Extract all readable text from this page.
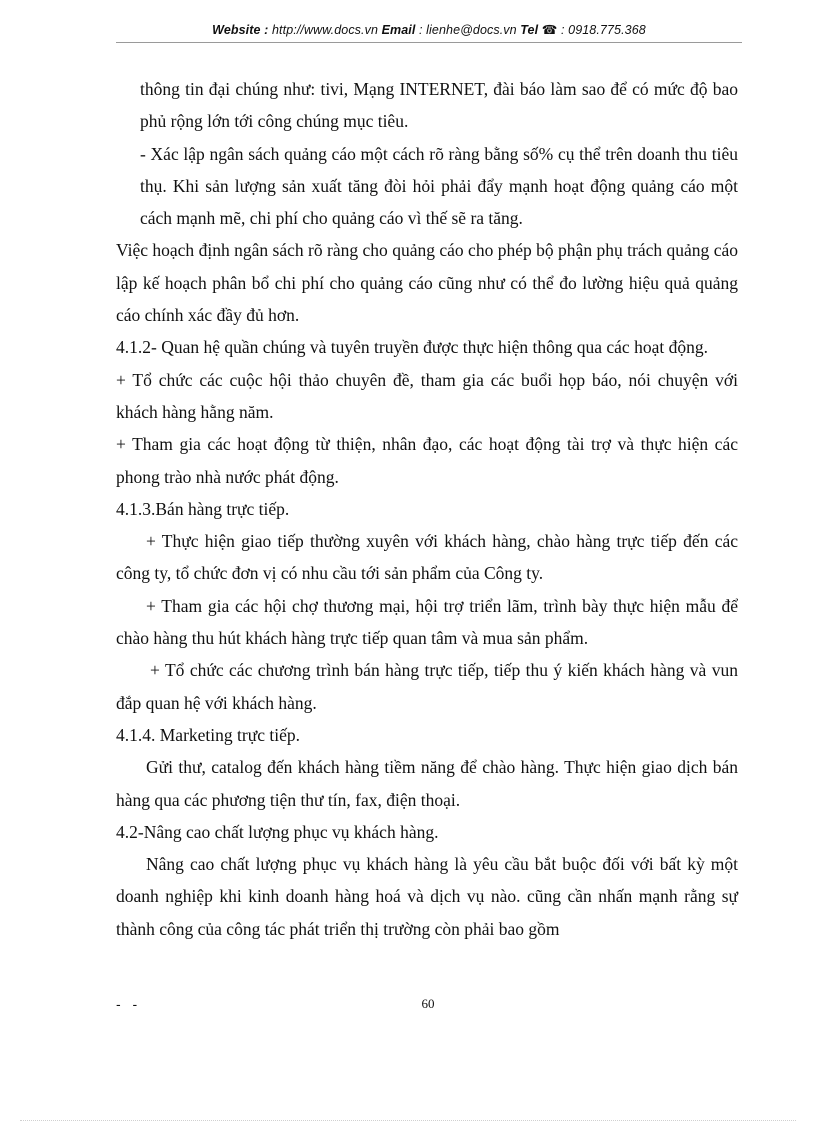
Website : http://www.docs.vn Email : lienhe@docs.vn Tel ☎ : 0918.775.368

thông tin đại chúng như: tivi, Mạng INTERNET, đài báo làm sao để có mức độ bao phủ rộng lớn tới công chúng mục tiêu.

- Xác lập ngân sách quảng cáo một cách rõ ràng bằng số% cụ thể trên doanh thu tiêu thụ. Khi sản lượng sản xuất tăng đòi hỏi phải đẩy mạnh hoạt động quảng cáo một cách mạnh mẽ, chi phí cho quảng cáo vì thế sẽ ra tăng.

Việc hoạch định ngân sách rõ ràng cho quảng cáo cho phép bộ phận phụ trách quảng cáo lập kế hoạch phân bổ chi phí cho quảng cáo cũng như có thể đo lường hiệu quả quảng cáo chính xác đầy đủ hơn.

4.1.2- Quan hệ quần chúng và tuyên truyền được thực hiện thông qua các hoạt động.

+ Tổ chức các cuộc hội thảo chuyên đề, tham gia các buổi họp báo, nói chuyện với khách hàng hằng năm.

+ Tham gia các hoạt động từ thiện, nhân đạo, các hoạt động tài trợ và thực hiện các phong trào nhà nước phát động.

4.1.3.Bán hàng trực tiếp.

+ Thực hiện giao tiếp thường xuyên với khách hàng, chào hàng trực tiếp đến các công ty, tổ chức đơn vị có nhu cầu tới sản phẩm của Công ty.

+ Tham gia các hội chợ thương mại, hội trợ triển lãm, trình bày thực hiện mẫu để chào hàng thu hút khách hàng trực tiếp quan tâm và mua sản phẩm.

+ Tổ chức các chương trình bán hàng trực tiếp, tiếp thu ý kiến khách hàng và vun đắp quan hệ với khách hàng.

4.1.4. Marketing trực tiếp.

Gửi thư, catalog đến khách hàng tiềm năng để chào hàng. Thực hiện giao dịch bán hàng qua các phương tiện thư tín, fax, điện thoại.

4.2-Nâng cao chất lượng phục vụ khách hàng.

Nâng cao chất lượng phục vụ khách hàng là yêu cầu bắt buộc đối với bất kỳ một doanh nghiệp khi kinh doanh hàng hoá và dịch vụ nào. cũng cần nhấn mạnh rằng sự thành công của công tác phát triển thị trường còn phải bao gồm

- -	60
